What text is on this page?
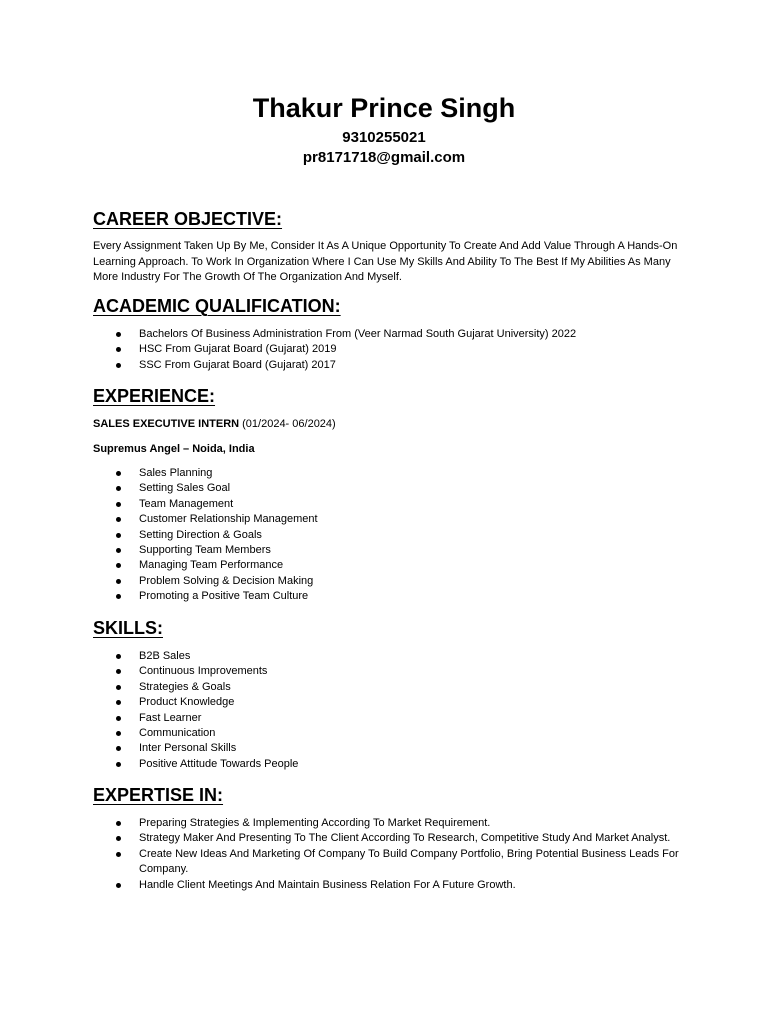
Thakur Prince Singh
9310255021
pr8171718@gmail.com
CAREER OBJECTIVE:

Every Assignment Taken Up By Me, Consider It As A Unique Opportunity To Create And Add Value Through A Hands-On Learning Approach. To Work In Organization Where I Can Use My Skills And Ability To The Best If My Abilities As Many More Industry For The Growth Of The Organization And Myself.

ACADEMIC QUALIFICATION:
Bachelors Of Business Administration From (Veer Narmad South Gujarat University) 2022
HSC From Gujarat Board (Gujarat) 2019
SSC From Gujarat Board (Gujarat) 2017
EXPERIENCE:

SALES EXECUTIVE INTERN (01/2024- 06/2024)

Supremus Angel – Noida, India

Sales Planning
Setting Sales Goal
Team Management
Customer Relationship Management
Setting Direction & Goals
Supporting Team Members
Managing Team Performance
Problem Solving & Decision Making
Promoting a Positive Team Culture
SKILLS:
B2B Sales
Continuous Improvements
Strategies & Goals
Product Knowledge
Fast Learner
Communication
Inter Personal Skills
Positive Attitude Towards People
EXPERTISE IN:
Preparing Strategies & Implementing According To Market Requirement.
Strategy Maker And Presenting To The Client According To Research, Competitive Study And Market Analyst.
Create New Ideas And Marketing Of Company To Build Company Portfolio, Bring Potential Business Leads For Company.
Handle Client Meetings And Maintain Business Relation For A Future Growth.
